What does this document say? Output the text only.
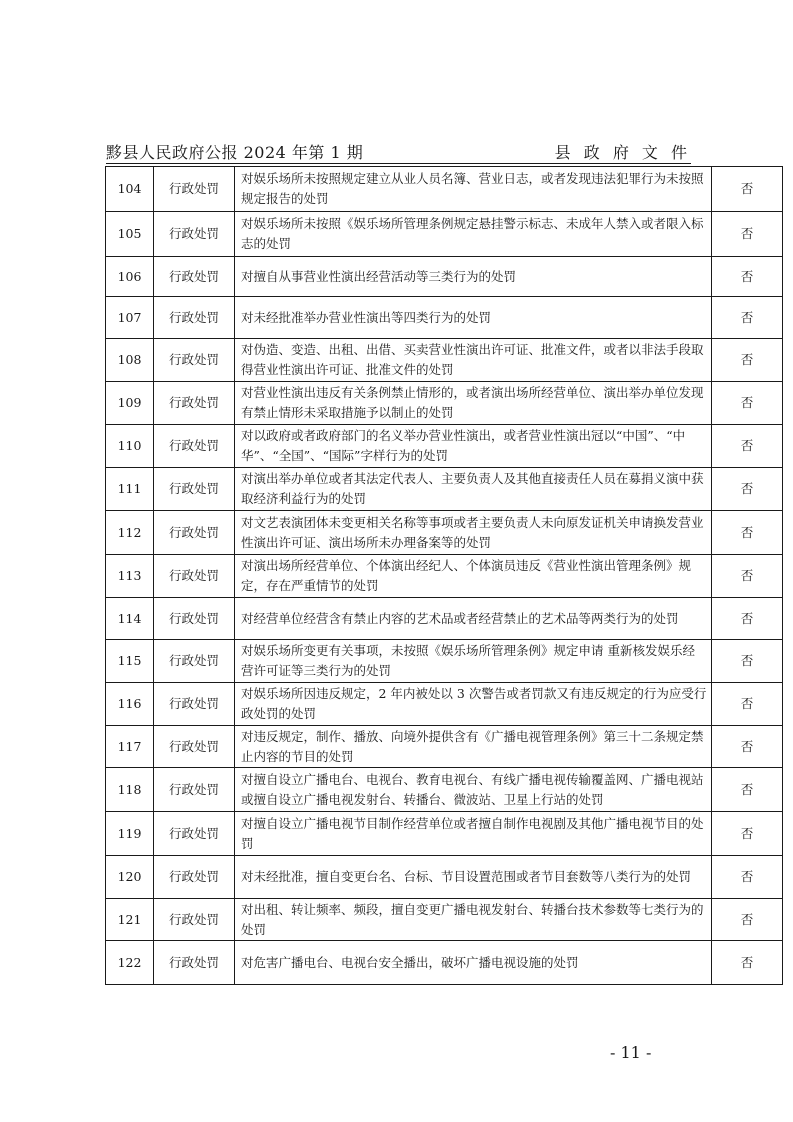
黟县人民政府公报 2024 年第 1 期	县 政 府 文 件
104	行政处罚	对娱乐场所未按照规定建立从业人员名簿、营业日志，或者发现违法犯罪行为未按照规定报告的处罚	否
105	行政处罚	对娱乐场所未按照《娱乐场所管理条例规定悬挂警示标志、未成年人禁入或者限入标志的处罚	否
106	行政处罚	对擅自从事营业性演出经营活动等三类行为的处罚	否
107	行政处罚	对未经批准举办营业性演出等四类行为的处罚	否
108	行政处罚	对伪造、变造、出租、出借、买卖营业性演出许可证、批准文件，或者以非法手段取得营业性演出许可证、批准文件的处罚	否
109	行政处罚	对营业性演出违反有关条例禁止情形的，或者演出场所经营单位、演出举办单位发现有禁止情形未采取措施予以制止的处罚	否
110	行政处罚	对以政府或者政府部门的名义举办营业性演出，或者营业性演出冠以“中国”、“中华”、“全国”、“国际”字样行为的处罚	否
111	行政处罚	对演出举办单位或者其法定代表人、主要负责人及其他直接责任人员在募捐义演中获取经济利益行为的处罚	否
112	行政处罚	对文艺表演团体未变更相关名称等事项或者主要负责人未向原发证机关申请换发营业性演出许可证、演出场所未办理备案等的处罚	否
113	行政处罚	对演出场所经营单位、个体演出经纪人、个体演员违反《营业性演出管理条例》规定，存在严重情节的处罚	否
114	行政处罚	对经营单位经营含有禁止内容的艺术品或者经营禁止的艺术品等两类行为的处罚	否
115	行政处罚	对娱乐场所变更有关事项，未按照《娱乐场所管理条例》规定申请 重新核发娱乐经营许可证等三类行为的处罚	否
116	行政处罚	对娱乐场所因违反规定，2 年内被处以 3 次警告或者罚款又有违反规定的行为应受行政处罚的处罚	否
117	行政处罚	对违反规定，制作、播放、向境外提供含有《广播电视管理条例》第三十二条规定禁止内容的节目的处罚	否
118	行政处罚	对擅自设立广播电台、电视台、教育电视台、有线广播电视传输覆盖网、广播电视站或擅自设立广播电视发射台、转播台、微波站、卫星上行站的处罚	否
119	行政处罚	对擅自设立广播电视节目制作经营单位或者擅自制作电视剧及其他广播电视节目的处罚	否
120	行政处罚	对未经批准，擅自变更台名、台标、节目设置范围或者节目套数等八类行为的处罚	否
121	行政处罚	对出租、转让频率、频段，擅自变更广播电视发射台、转播台技术参数等七类行为的处罚	否
122	行政处罚	对危害广播电台、电视台安全播出，破坏广播电视设施的处罚	否
- 11 -
